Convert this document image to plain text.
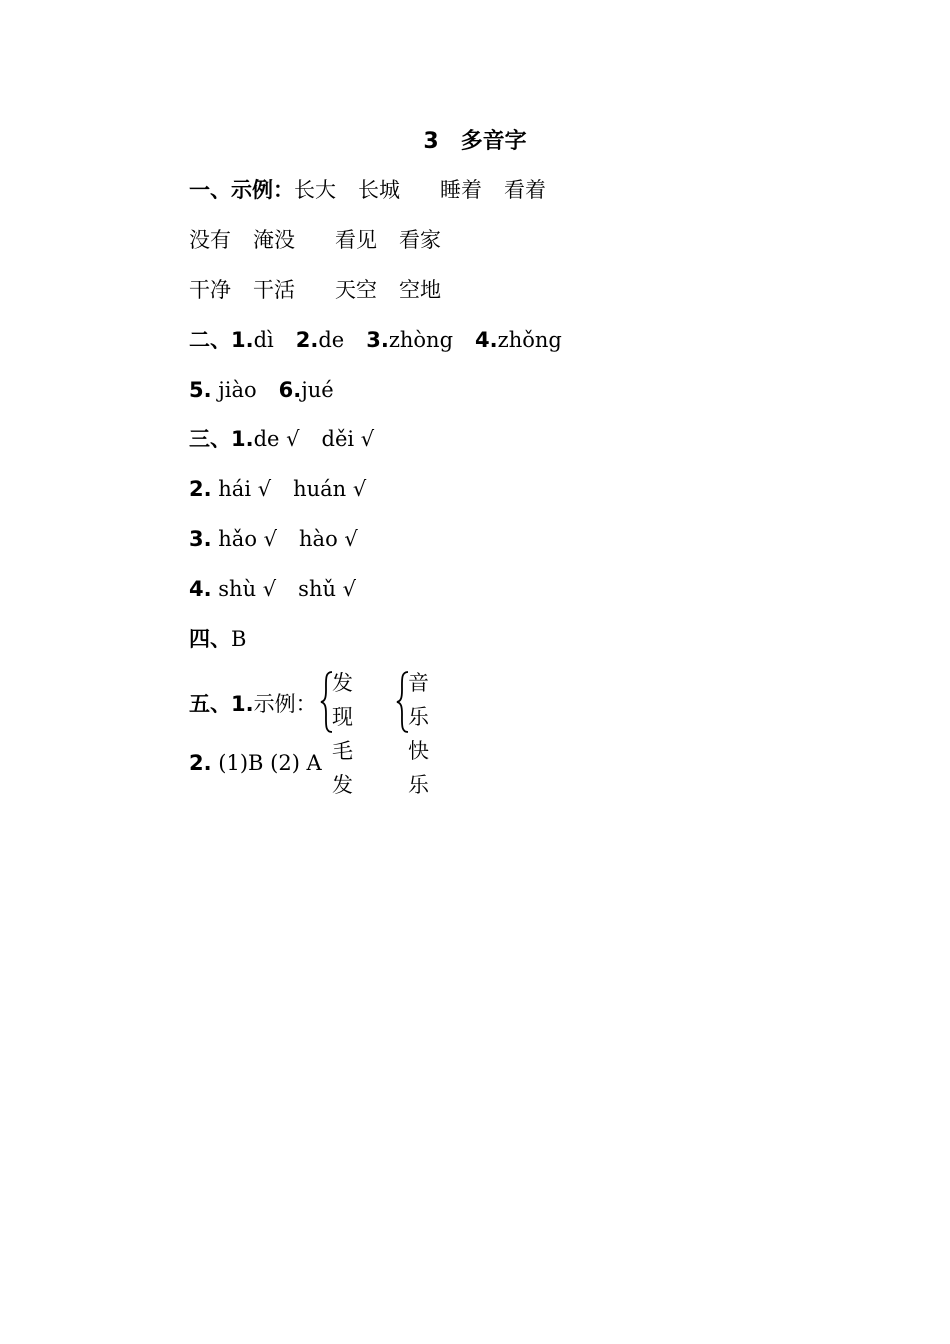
3 多音字
一、示例：长大 长城 睡着 看着
没有 淹没 看见 看家
干净 干活 天空 空地
二、1.dì 2.de 3.zhòng 4.zhǒng
5. jiào 6.jué
三、1.de √ děi √
2. hái √ huán √
3. hǎo √ hào √
4. shù √ shǔ √
四、B
五、1.示例：
发现
毛发
音乐
快乐
2. (1)B (2) A
